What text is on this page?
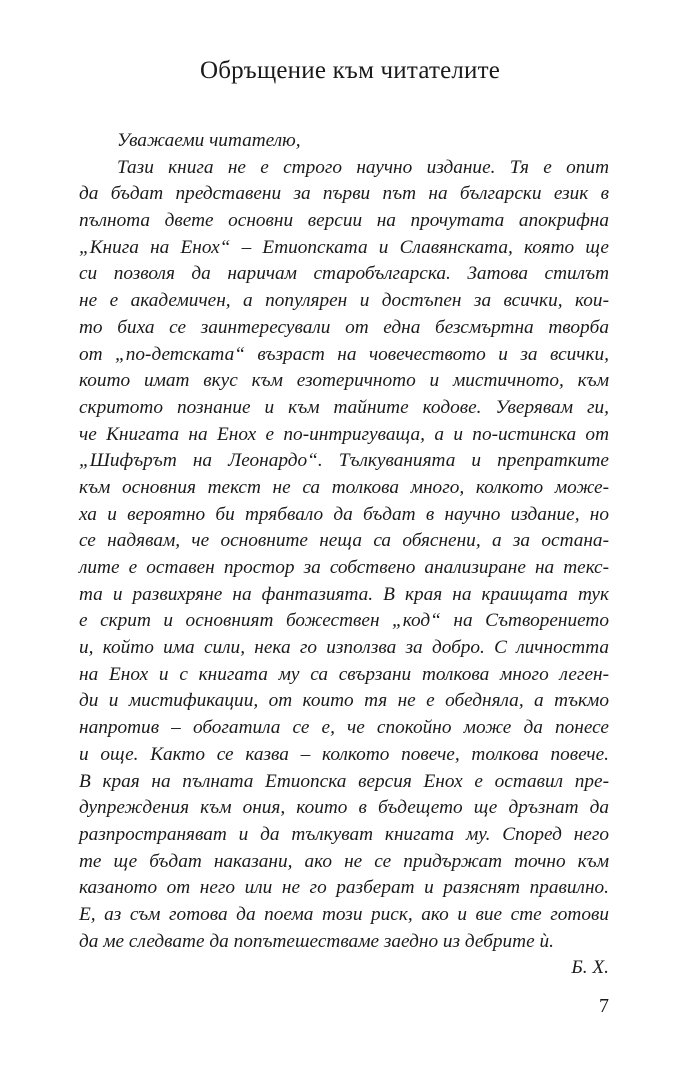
Обръщение към читателите
Уважаеми читателю,
Тази книга не е строго научно издание. Тя е опит
да бъдат представени за първи път на български език в
пълнота двете основни версии на прочутата апокрифна
„Книга на Енох“ – Етиопската и Славянската, която ще
си позволя да наричам старобългарска. Затова стилът
не е академичен, а популярен и достъпен за всички, кои-
то биха се заинтересували от една безсмъртна творба
от „по-детската“ възраст на човечеството и за всички,
които имат вкус към езотеричното и мистичното, към
скритото познание и към тайните кодове. Уверявам ги,
че Книгата на Енох е по-интригуваща, а и по-истинска от
„Шифърът на Леонардо“. Тълкуванията и препратките
към основния текст не са толкова много, колкото може-
ха и вероятно би трябвало да бъдат в научно издание, но
се надявам, че основните неща са обяснени, а за остана-
лите е оставен простор за собствено анализиране на текс-
та и развихряне на фантазията. В края на краищата тук
е скрит и основният божествен „код“ на Сътворението
и, който има сили, нека го използва за добро. С личността
на Енох и с книгата му са свързани толкова много леген-
ди и мистификации, от които тя не е обедняла, а тъкмо
напротив – обогатила се е, че спокойно може да понесе
и още. Както се казва – колкото повече, толкова повече.
В края на пълната Етиопска версия Енох е оставил пре-
дупреждения към ония, които в бъдещето ще дръзнат да
разпространяват и да тълкуват книгата му. Според него
те ще бъдат наказани, ако не се придържат точно към
казаното от него или не го разберат и разяснят правилно.
Е, аз съм готова да поема този риск, ако и вие сте готови
да ме следвате да попътешестваме заедно из дебрите ѝ.
Б. Х.
7
